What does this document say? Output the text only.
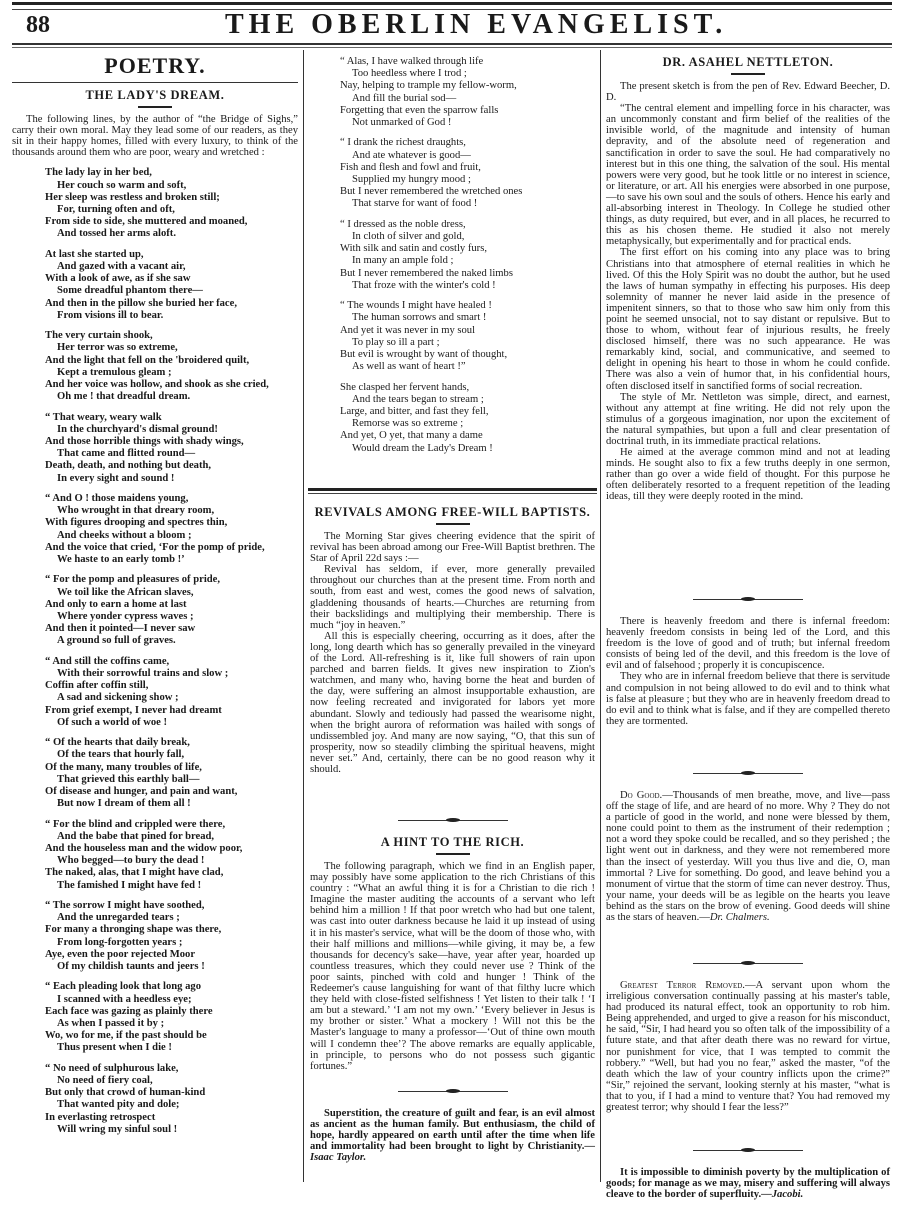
88	THE OBERLIN EVANGELIST.
POETRY.
THE LADY'S DREAM.

The following lines, by the author of “the Bridge of Sighs,” carry their own moral. May they lead some of our readers, as they sit in their happy homes, filled with every luxury, to think of the thousands around them who are poor, weary and wretched :

The lady lay in her bed,
Her couch so warm and soft,
Her sleep was restless and broken still;
For, turning often and oft,
From side to side, she muttered and moaned,
And tossed her arms aloft.
At last she started up,
And gazed with a vacant air,
With a look of awe, as if she saw
Some dreadful phantom there—
And then in the pillow she buried her face,
From visions ill to bear.
The very curtain shook,
Her terror was so extreme,
And the light that fell on the 'broidered quilt,
Kept a tremulous gleam ;
And her voice was hollow, and shook as she cried,
Oh me ! that dreadful dream.
“ That weary, weary walk
In the churchyard's dismal ground!
And those horrible things with shady wings,
That came and flitted round—
Death, death, and nothing but death,
In every sight and sound !
“ And O ! those maidens young,
Who wrought in that dreary room,
With figures drooping and spectres thin,
And cheeks without a bloom ;
And the voice that cried, ‘For the pomp of pride,
We haste to an early tomb !’
“ For the pomp and pleasures of pride,
We toil like the African slaves,
And only to earn a home at last
Where yonder cypress waves ;
And then it pointed—I never saw
A ground so full of graves.
“ And still the coffins came,
With their sorrowful trains and slow ;
Coffin after coffin still,
A sad and sickening show ;
From grief exempt, I never had dreamt
Of such a world of woe !
“ Of the hearts that daily break,
Of the tears that hourly fall,
Of the many, many troubles of life,
That grieved this earthly ball—
Of disease and hunger, and pain and want,
But now I dream of them all !
“ For the blind and crippled were there,
And the babe that pined for bread,
And the houseless man and the widow poor,
Who begged—to bury the dead !
The naked, alas, that I might have clad,
The famished I might have fed !
“ The sorrow I might have soothed,
And the unregarded tears ;
For many a thronging shape was there,
From long-forgotten years ;
Aye, even the poor rejected Moor
Of my childish taunts and jeers !
“ Each pleading look that long ago
I scanned with a heedless eye;
Each face was gazing as plainly there
As when I passed it by ;
Wo, wo for me, if the past should be
Thus present when I die !
“ No need of sulphurous lake,
No need of fiery coal,
But only that crowd of human-kind
That wanted pity and dole;
In everlasting retrospect
Will wring my sinful soul !
“ Alas, I have walked through life
Too heedless where I trod ;
Nay, helping to trample my fellow-worm,
And fill the burial sod—
Forgetting that even the sparrow falls
Not unmarked of God !
“ I drank the richest draughts,
And ate whatever is good—
Fish and flesh and fowl and fruit,
Supplied my hungry mood ;
But I never remembered the wretched ones
That starve for want of food !
“ I dressed as the noble dress,
In cloth of silver and gold,
With silk and satin and costly furs,
In many an ample fold ;
But I never remembered the naked limbs
That froze with the winter's cold !
“ The wounds I might have healed !
The human sorrows and smart !
And yet it was never in my soul
To play so ill a part ;
But evil is wrought by want of thought,
As well as want of heart !”
She clasped her fervent hands,
And the tears began to stream ;
Large, and bitter, and fast they fell,
Remorse was so extreme ;
And yet, O yet, that many a dame
Would dream the Lady's Dream !
REVIVALS AMONG FREE-WILL BAPTISTS.

The Morning Star gives cheering evidence that the spirit of revival has been abroad among our Free-Will Baptist brethren. The Star of April 22d says :—

Revival has seldom, if ever, more generally prevailed throughout our churches than at the present time. From north and south, from east and west, comes the good news of salvation, gladdening thousands of hearts.—Churches are returning from their backslidings and multiplying their membership. There is much “joy in heaven.”

All this is especially cheering, occurring as it does, after the long, long dearth which has so generally prevailed in the vineyard of the Lord. All-refreshing is it, like full showers of rain upon parched and barren fields. It gives new inspiration to Zion's watchmen, and many who, having borne the heat and burden of the day, were suffering an almost insupportable exhaustion, are now feeling recreated and invigorated for labors yet more abundant. Slowly and tediously had passed the wearisome night, when the bright aurora of reformation was hailed with songs of undissembled joy. And many are now saying, “O, that this sun of prosperity, now so steadily climbing the spiritual heavens, might never set.” And, certainly, there can be no good reason why it should.

A HINT TO THE RICH.

The following paragraph, which we find in an English paper, may possibly have some application to the rich Christians of this country : “What an awful thing it is for a Christian to die rich ! Imagine the master auditing the accounts of a servant who left behind him a million ! If that poor wretch who had but one talent, was cast into outer darkness because he laid it up instead of using it in his master's service, what will be the doom of those who, with their half millions and millions—while giving, it may be, a few thousands for decency's sake—have, year after year, hoarded up countless treasures, which they could never use ? Think of the poor saints, pinched with cold and hunger ! Think of the Redeemer's cause languishing for want of that filthy lucre which they held with close-fisted selfishness ! Yet listen to their talk ! ‘I am but a steward.’ ‘I am not my own.’ ‘Every believer in Jesus is my brother or sister.’ What a mockery ! Will not this be the Master's language to many a professor—‘Out of thine own mouth will I condemn thee’? The above remarks are equally applicable, in principle, to persons who do not possess such gigantic fortunes.”

Superstition, the creature of guilt and fear, is an evil almost as ancient as the human family. But enthusiasm, the child of hope, hardly appeared on earth until after the time when life and immortality had been brought to light by Christianity.—Isaac Taylor.

DR. ASAHEL NETTLETON.

The present sketch is from the pen of Rev. Edward Beecher, D. D.

“The central element and impelling force in his character, was an uncommonly constant and firm belief of the realities of the invisible world, of the magnitude and intensity of human depravity, and of the absolute need of regeneration and sanctification in order to save the soul. He had comparatively no interest but in this one thing, the salvation of the soul. His mental powers were very good, but he took little or no interest in science, or literature, or art. All his energies were absorbed in one purpose,—to save his own soul and the souls of others. Hence his early and all-absorbing interest in Theology. In College he studied other things, as duty required, but ever, and in all places, he recurred to this as his chosen theme. He studied it also not merely metaphysically, but experimentally and for practical ends.

The first effort on his coming into any place was to bring Christians into that atmosphere of eternal realities in which he lived. Of this the Holy Spirit was no doubt the author, but he used the laws of human sympathy in effecting his purposes. His deep solemnity of manner he never laid aside in the presence of impenitent sinners, so that to those who saw him only from this point he seemed unsocial, not to say distant or repulsive. But to those to whom, without fear of injurious results, he freely disclosed himself, there was no such appearance. He was remarkably kind, social, and communicative, and seemed to delight in opening his heart to those in whom he could confide. There was also a vein of humor that, in his confidential hours, often disclosed itself in sanctified forms of social recreation.

The style of Mr. Nettleton was simple, direct, and earnest, without any attempt at fine writing. He did not rely upon the stimulus of a gorgeous imagination, nor upon the excitement of the natural sympathies, but upon a full and clear presentation of doctrinal truth, in its immediate practical relations.

He aimed at the average common mind and not at leading minds. He sought also to fix a few truths deeply in one sermon, rather than go over a wide field of thought. For this purpose he often deliberately resorted to a frequent repetition of the leading ideas, till they were deeply rooted in the mind.

There is heavenly freedom and there is infernal freedom: heavenly freedom consists in being led of the Lord, and this freedom is the love of good and of truth; but infernal freedom consists of being led of the devil, and this freedom is the love of evil and of falsehood ; properly it is concupiscence.

They who are in infernal freedom believe that there is servitude and compulsion in not being allowed to do evil and to think what is false at pleasure ; but they who are in heavenly freedom dread to do evil and to think what is false, and if they are compelled thereto they are tormented.

Do Good.—Thousands of men breathe, move, and live—pass off the stage of life, and are heard of no more. Why ? They do not a particle of good in the world, and none were blessed by them, none could point to them as the instrument of their redemption ; not a word they spoke could be recalled, and so they perished ; the light went out in darkness, and they were not remembered more than the insect of yesterday. Will you thus live and die, O, man immortal ? Live for something. Do good, and leave behind you a monument of virtue that the storm of time can never destroy. Thus, your name, your deeds will be as legible on the hearts you leave behind as the stars on the brow of evening. Good deeds will shine as the stars of heaven.—Dr. Chalmers.

Greatest Terror Removed.—A servant upon whom the irreligious conversation continually passing at his master's table, had produced its natural effect, took an opportunity to rob him. Being apprehended, and urged to give a reason for his misconduct, he said, “Sir, I had heard you so often talk of the impossibility of a future state, and that after death there was no reward for virtue, nor punishment for vice, that I was tempted to commit the robbery.” “Well, but had you no fear,” asked the master, “of the death which the law of your country inflicts upon the crime?” “Sir,” rejoined the servant, looking sternly at his master, “what is that to you, if I had a mind to venture that? You had removed my greatest terror; why should I fear the less?”

It is impossible to diminish poverty by the multiplication of goods; for manage as we may, misery and suffering will always cleave to the border of superfluity.—Jacobi.
